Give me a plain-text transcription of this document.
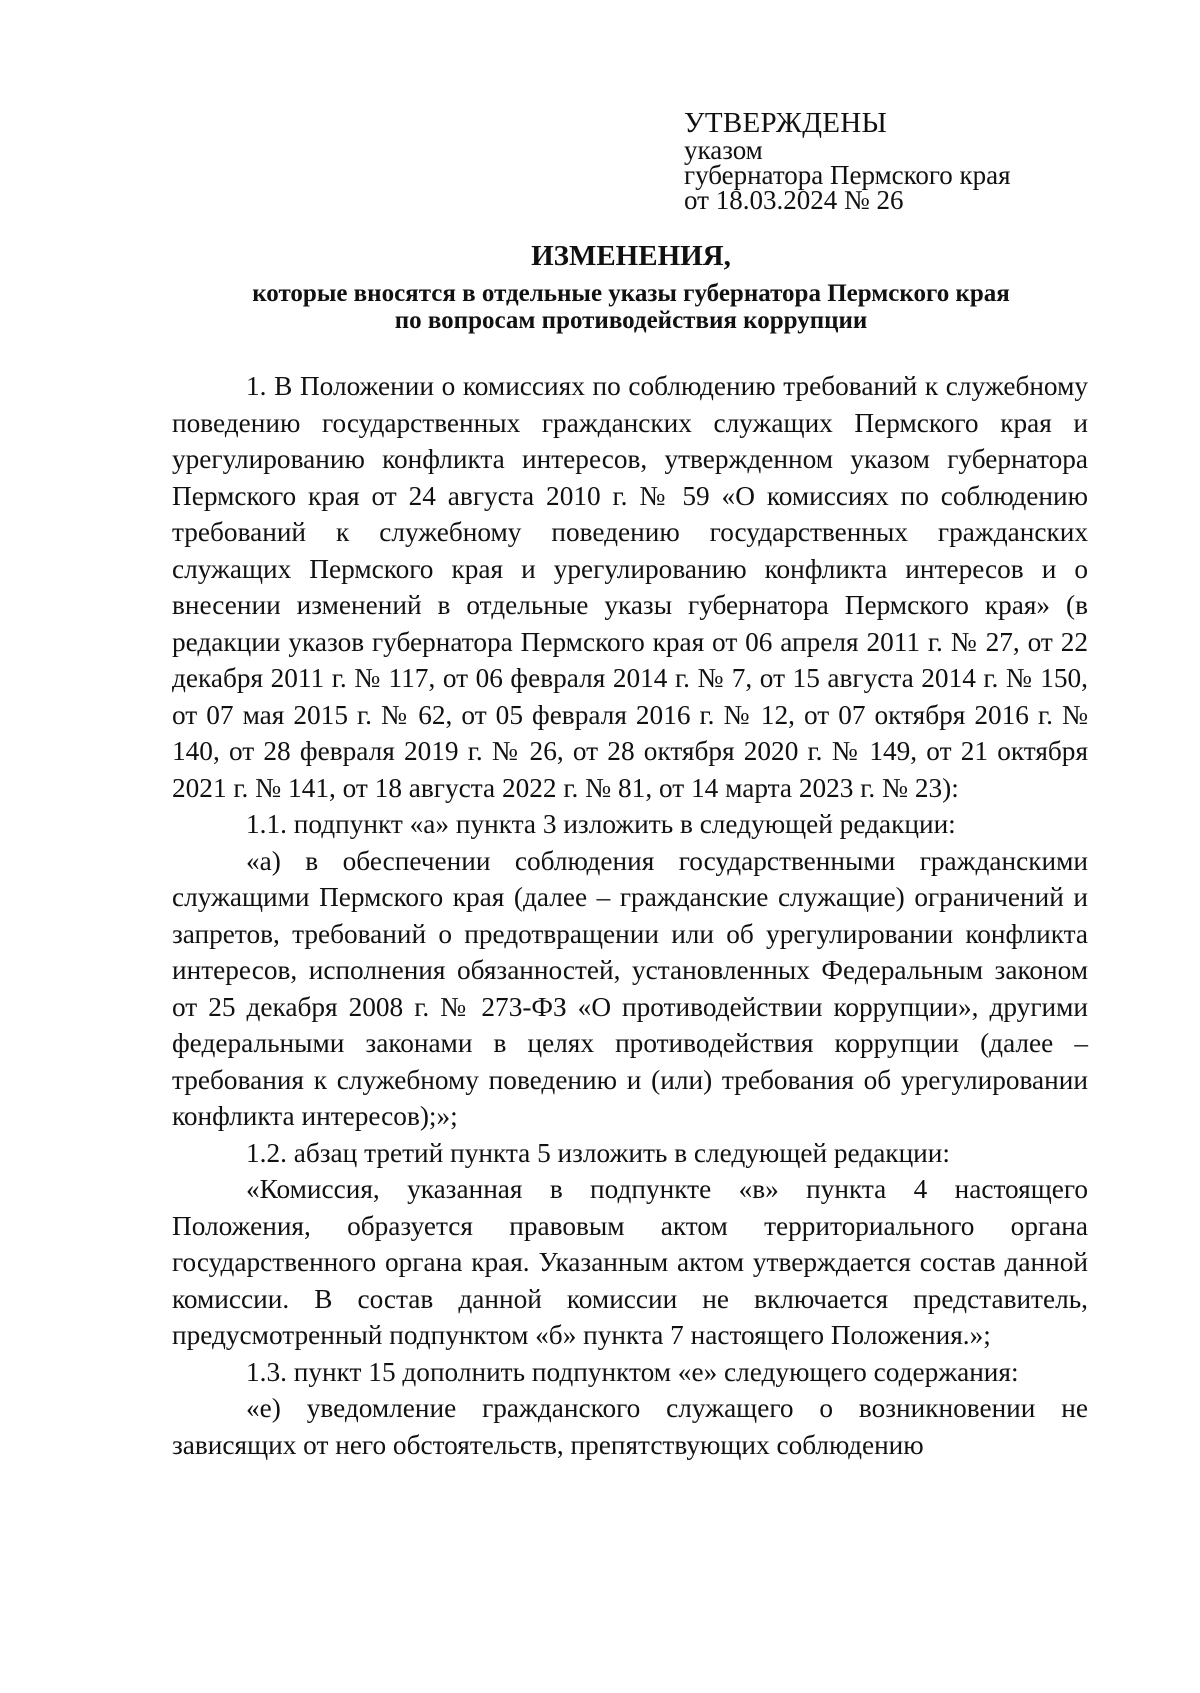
УТВЕРЖДЕНЫ
указом
губернатора Пермского края
от 18.03.2024 № 26
ИЗМЕНЕНИЯ,
которые вносятся в отдельные указы губернатора Пермского края
по вопросам противодействия коррупции

1. В Положении о комиссиях по соблюдению требований к служебному поведению государственных гражданских служащих Пермского края и урегулированию конфликта интересов, утвержденном указом губернатора Пермского края от 24 августа 2010 г. № 59 «О комиссиях по соблюдению требований к служебному поведению государственных гражданских служащих Пермского края и урегулированию конфликта интересов и о внесении изменений в отдельные указы губернатора Пермского края» (в редакции указов губернатора Пермского края от 06 апреля 2011 г. № 27, от 22 декабря 2011 г. № 117, от 06 февраля 2014 г. № 7, от 15 августа 2014 г. № 150, от 07 мая 2015 г. № 62, от 05 февраля 2016 г. № 12, от 07 октября 2016 г. № 140, от 28 февраля 2019 г. № 26, от 28 октября 2020 г. № 149, от 21 октября 2021 г. № 141, от 18 августа 2022 г. № 81, от 14 марта 2023 г. № 23):

1.1. подпункт «а» пункта 3 изложить в следующей редакции:

«а) в обеспечении соблюдения государственными гражданскими служащими Пермского края (далее – гражданские служащие) ограничений и запретов, требований о предотвращении или об урегулировании конфликта интересов, исполнения обязанностей, установленных Федеральным законом от 25 декабря 2008 г. № 273-ФЗ «О противодействии коррупции», другими федеральными законами в целях противодействия коррупции (далее – требования к служебному поведению и (или) требования об урегулировании конфликта интересов);»;

1.2. абзац третий пункта 5 изложить в следующей редакции:

«Комиссия, указанная в подпункте «в» пункта 4 настоящего Положения, образуется правовым актом территориального органа государственного органа края. Указанным актом утверждается состав данной комиссии. В состав данной комиссии не включается представитель, предусмотренный подпунктом «б» пункта 7 настоящего Положения.»;

1.3. пункт 15 дополнить подпунктом «е» следующего содержания:

«е) уведомление гражданского служащего о возникновении не зависящих от него обстоятельств, препятствующих соблюдению
